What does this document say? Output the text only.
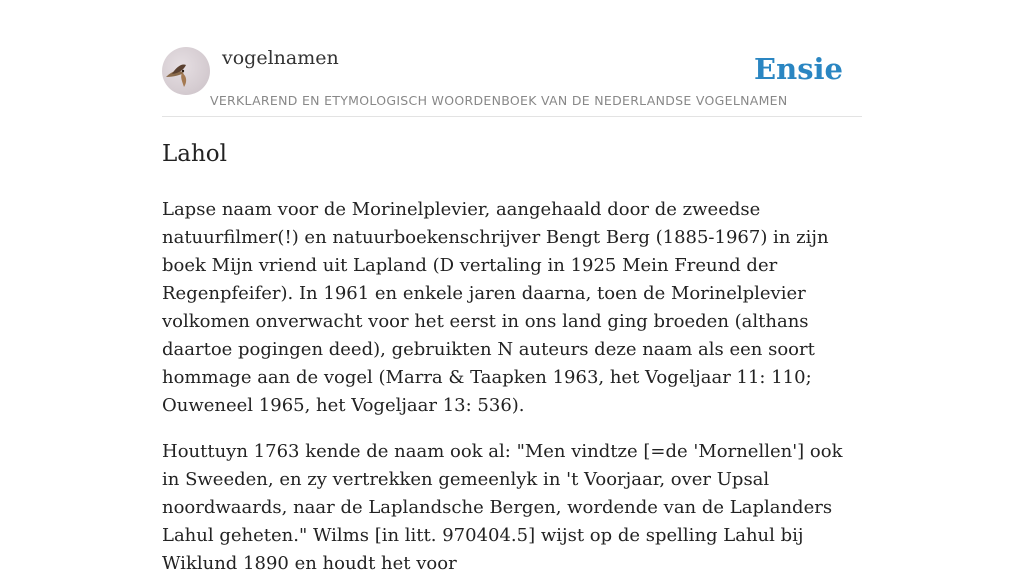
vogelnamen
VERKLAREND EN ETYMOLOGISCH WOORDENBOEK VAN DE NEDERLANDSE VOGELNAMEN
Ensie
Lahol

Lapse naam voor de Morinelplevier, aangehaald door de zweedse natuurfilmer(!) en natuurboekenschrijver Bengt Berg (1885-1967) in zijn boek Mijn vriend uit Lapland (D vertaling in 1925 Mein Freund der Regenpfeifer). In 1961 en enkele jaren daarna, toen de Morinelplevier volkomen onverwacht voor het eerst in ons land ging broeden (althans daartoe pogingen deed), gebruikten N auteurs deze naam als een soort hommage aan de vogel (Marra & Taapken 1963, het Vogeljaar 11: 110; Ouweneel 1965, het Vogeljaar 13: 536).

Houttuyn 1763 kende de naam ook al: "Men vindtze [=de 'Mornellen'] ook in Sweeden, en zy vertrekken gemeenlyk in 't Voorjaar, over Upsal noordwaards, naar de Laplandsche Bergen, wordende van de Laplanders Lahul geheten." Wilms [in litt. 970404.5] wijst op de spelling Lahul bij Wiklund 1890 en houdt het voor
